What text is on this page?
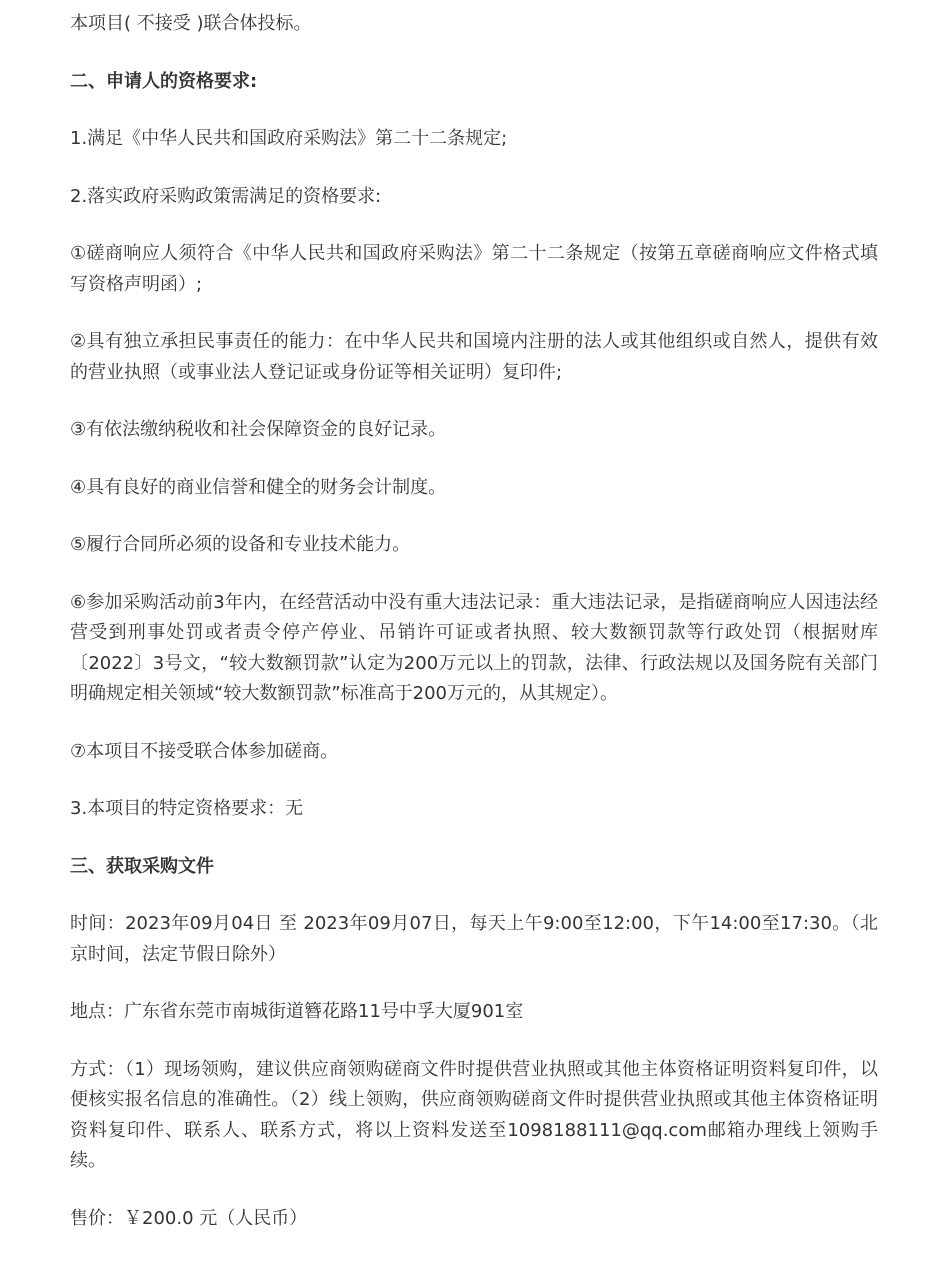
本项目( 不接受 )联合体投标。

二、申请人的资格要求:

1.满足《中华人民共和国政府采购法》第二十二条规定;

2.落实政府采购政策需满足的资格要求:

①磋商响应人须符合《中华人民共和国政府采购法》第二十二条规定（按第五章磋商响应文件格式填写资格声明函）;

②具有独立承担民事责任的能力：在中华人民共和国境内注册的法人或其他组织或自然人，提供有效的营业执照（或事业法人登记证或身份证等相关证明）复印件;

③有依法缴纳税收和社会保障资金的良好记录。

④具有良好的商业信誉和健全的财务会计制度。

⑤履行合同所必须的设备和专业技术能力。

⑥参加采购活动前3年内，在经营活动中没有重大违法记录：重大违法记录，是指磋商响应人因违法经营受到刑事处罚或者责令停产停业、吊销许可证或者执照、较大数额罚款等行政处罚（根据财库〔2022〕3号文，“较大数额罚款”认定为200万元以上的罚款，法律、行政法规以及国务院有关部门明确规定相关领域“较大数额罚款”标准高于200万元的，从其规定）。

⑦本项目不接受联合体参加磋商。

3.本项目的特定资格要求：无

三、获取采购文件

时间：2023年09月04日 至 2023年09月07日，每天上午9:00至12:00，下午14:00至17:30。（北京时间，法定节假日除外）

地点：广东省东莞市南城街道簪花路11号中孚大厦901室

方式：（1）现场领购，建议供应商领购磋商文件时提供营业执照或其他主体资格证明资料复印件，以便核实报名信息的准确性。（2）线上领购，供应商领购磋商文件时提供营业执照或其他主体资格证明资料复印件、联系人、联系方式，将以上资料发送至1098188111@qq.com邮箱办理线上领购手续。

售价：￥200.0 元（人民币）
